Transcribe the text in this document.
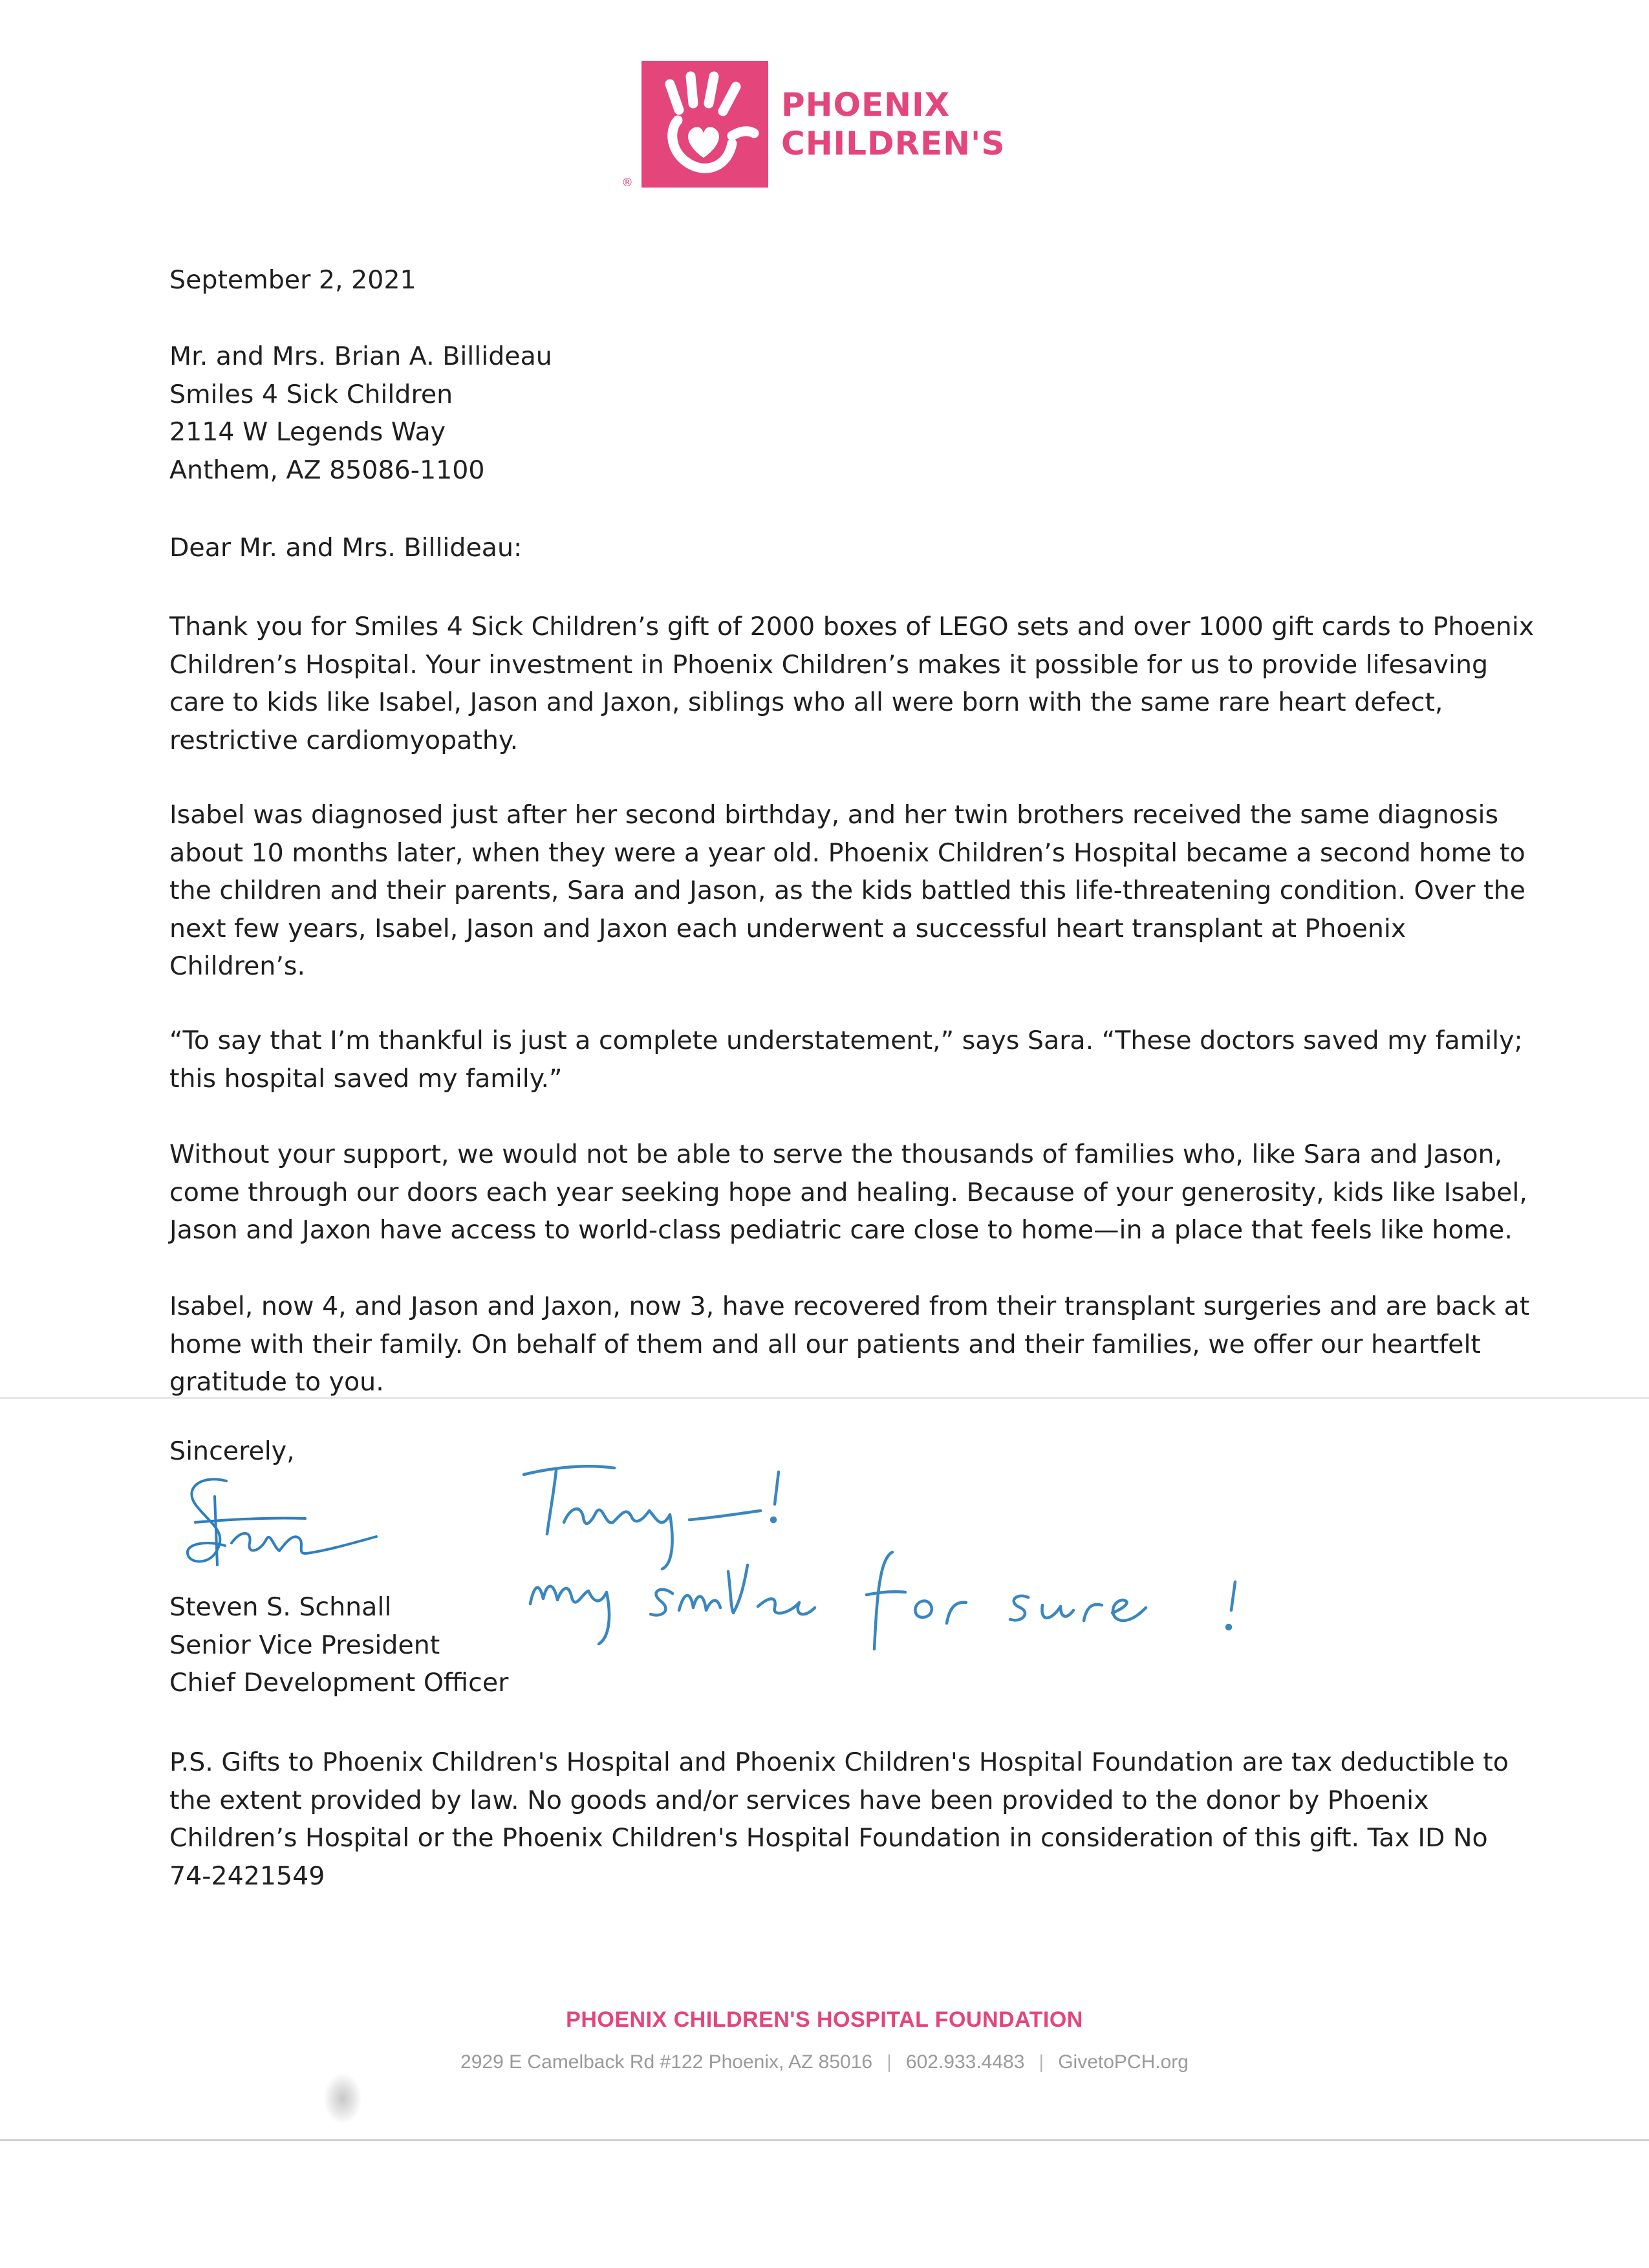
®
PHOENIX
CHILDREN'S
September 2, 2021
Mr. and Mrs. Brian A. Billideau
Smiles 4 Sick Children
2114 W Legends Way
Anthem, AZ 85086-1100
Dear Mr. and Mrs. Billideau:
Thank you for Smiles 4 Sick Children’s gift of 2000 boxes of LEGO sets and over 1000 gift cards to Phoenix
Children’s Hospital. Your investment in Phoenix Children’s makes it possible for us to provide lifesaving
care to kids like Isabel, Jason and Jaxon, siblings who all were born with the same rare heart defect,
restrictive cardiomyopathy.
Isabel was diagnosed just after her second birthday, and her twin brothers received the same diagnosis
about 10 months later, when they were a year old. Phoenix Children’s Hospital became a second home to
the children and their parents, Sara and Jason, as the kids battled this life-threatening condition. Over the
next few years, Isabel, Jason and Jaxon each underwent a successful heart transplant at Phoenix
Children’s.
“To say that I’m thankful is just a complete understatement,” says Sara. “These doctors saved my family;
this hospital saved my family.”
Without your support, we would not be able to serve the thousands of families who, like Sara and Jason,
come through our doors each year seeking hope and healing. Because of your generosity, kids like Isabel,
Jason and Jaxon have access to world-class pediatric care close to home—in a place that feels like home.
Isabel, now 4, and Jason and Jaxon, now 3, have recovered from their transplant surgeries and are back at
home with their family. On behalf of them and all our patients and their families, we offer our heartfelt
gratitude to you.
Sincerely,
Steven S. Schnall
Senior Vice President
Chief Development Officer
P.S. Gifts to Phoenix Children's Hospital and Phoenix Children's Hospital Foundation are tax deductible to
the extent provided by law. No goods and/or services have been provided to the donor by Phoenix
Children’s Hospital or the Phoenix Children's Hospital Foundation in consideration of this gift. Tax ID No
74-2421549
PHOENIX CHILDREN'S HOSPITAL FOUNDATION
2929 E Camelback Rd #122 Phoenix, AZ 85016 | 602.933.4483 | GivetoPCH.org
